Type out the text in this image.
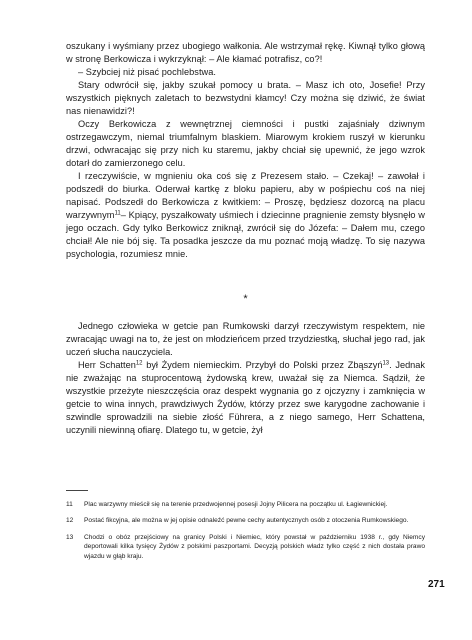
oszukany i wyśmiany przez ubogiego wałkonia. Ale wstrzymał rękę. Kiwnął tylko głową w stronę Berkowicza i wykrzyknął: – Ale kłamać potrafisz, co?!

– Szybciej niż pisać pochlebstwa.

Stary odwrócił się, jakby szukał pomocy u brata. – Masz ich oto, Josefie! Przy wszystkich pięknych zaletach to bezwstydni kłamcy! Czy można się dziwić, że świat nas nienawidzi?!

Oczy Berkowicza z wewnętrznej ciemności i pustki zajaśniały dziwnym ostrzegawczym, niemal triumfalnym blaskiem. Miarowym krokiem ruszył w kierunku drzwi, odwracając się przy nich ku staremu, jakby chciał się upewnić, że jego wzrok dotarł do zamierzonego celu.

I rzeczywiście, w mgnieniu oka coś się z Prezesem stało. – Czekaj! – zawołał i podszedł do biurka. Oderwał kartkę z bloku papieru, aby w pośpiechu coś na niej napisać. Podszedł do Berkowicza z kwitkiem: – Proszę, będziesz dozorcą na placu warzywnym$^{11}$– Kpiący, pyszałkowaty uśmiech i dziecinne pragnienie zemsty błysnęło w jego oczach. Gdy tylko Berkowicz zniknął, zwrócił się do Józefa: – Dałem mu, czego chciał! Ale nie bój się. Ta posadka jeszcze da mu poznać moją władzę. To się nazywa psychologia, rozumiesz mnie.

*

Jednego człowieka w getcie pan Rumkowski darzył rzeczywistym respektem, nie zwracając uwagi na to, że jest on młodzieńcem przed trzydziestką, słuchał jego rad, jak uczeń słucha nauczyciela.

Herr Schatten$^{12}$ był Żydem niemieckim. Przybył do Polski przez Zbąszyń$^{13}$. Jednak nie zważając na stuprocentową żydowską krew, uważał się za Niemca. Sądził, że wszystkie przeżyte nieszczęścia oraz despekt wygnania go z ojczyzny i zamknięcia w getcie to wina innych, prawdziwych Żydów, którzy przez swe karygodne zachowanie i szwindle sprowadzili na siebie złość Führera, a z niego samego, Herr Schattena, uczynili niewinną ofiarę. Dlatego tu, w getcie, żył

11 Plac warzywny mieścił się na terenie przedwojennej posesji Jojny Pilicera na początku ul. Łagiewnickiej.
12 Postać fikcyjna, ale można w jej opisie odnaleźć pewne cechy autentycznych osób z otoczenia Rumkowskiego.
13 Chodzi o obóz przejściowy na granicy Polski i Niemiec, który powstał w październiku 1938 r., gdy Niemcy deportowali kilka tysięcy Żydów z polskimi paszportami. Decyzją polskich władz tylko część z nich dostała prawo wjazdu w głąb kraju.
271
